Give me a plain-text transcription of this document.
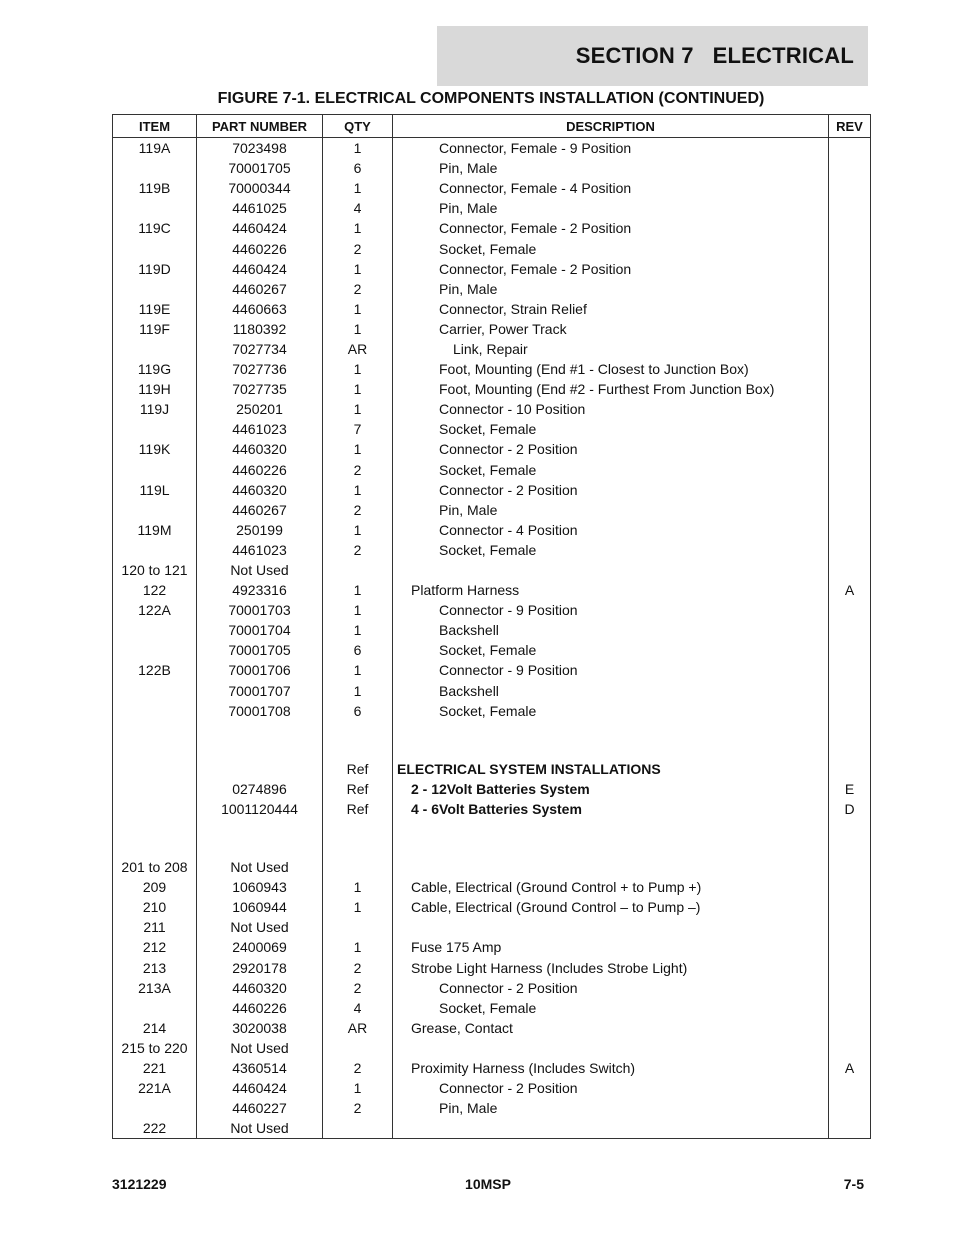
SECTION 7   ELECTRICAL
FIGURE 7-1. ELECTRICAL COMPONENTS INSTALLATION (CONTINUED)
ITEM	PART NUMBER	QTY	DESCRIPTION	REV
119A	7023498	1	Connector, Female - 9 Position	
	70001705	6	Pin, Male	
119B	70000344	1	Connector, Female - 4 Position	
	4461025	4	Pin, Male	
119C	4460424	1	Connector, Female - 2 Position	
	4460226	2	Socket, Female	
119D	4460424	1	Connector, Female - 2 Position	
	4460267	2	Pin, Male	
119E	4460663	1	Connector, Strain Relief	
119F	1180392	1	Carrier, Power Track	
	7027734	AR	Link, Repair	
119G	7027736	1	Foot, Mounting (End #1 - Closest to Junction Box)	
119H	7027735	1	Foot, Mounting (End #2 - Furthest From Junction Box)	
119J	250201	1	Connector - 10 Position	
	4461023	7	Socket, Female	
119K	4460320	1	Connector - 2 Position	
	4460226	2	Socket, Female	
119L	4460320	1	Connector - 2 Position	
	4460267	2	Pin, Male	
119M	250199	1	Connector - 4 Position	
	4461023	2	Socket, Female	
120 to 121	Not Used			
122	4923316	1	Platform Harness	A
122A	70001703	1	Connector - 9 Position	
	70001704	1	Backshell	
	70001705	6	Socket, Female	
122B	70001706	1	Connector - 9 Position	
	70001707	1	Backshell	
	70001708	6	Socket, Female	

		Ref	ELECTRICAL SYSTEM INSTALLATIONS	
	0274896	Ref	2 - 12Volt Batteries System	E
	1001120444	Ref	4 - 6Volt Batteries System	D

201 to 208	Not Used			
209	1060943	1	Cable, Electrical (Ground Control + to Pump +)	
210	1060944	1	Cable, Electrical (Ground Control – to Pump –)	
211	Not Used			
212	2400069	1	Fuse 175 Amp	
213	2920178	2	Strobe Light Harness (Includes Strobe Light)	
213A	4460320	2	Connector - 2 Position	
	4460226	4	Socket, Female	
214	3020038	AR	Grease, Contact	
215 to 220	Not Used			
221	4360514	2	Proximity Harness (Includes Switch)	A
221A	4460424	1	Connector - 2 Position	
	4460227	2	Pin, Male	
222	Not Used			
3121229	10MSP	7-5
